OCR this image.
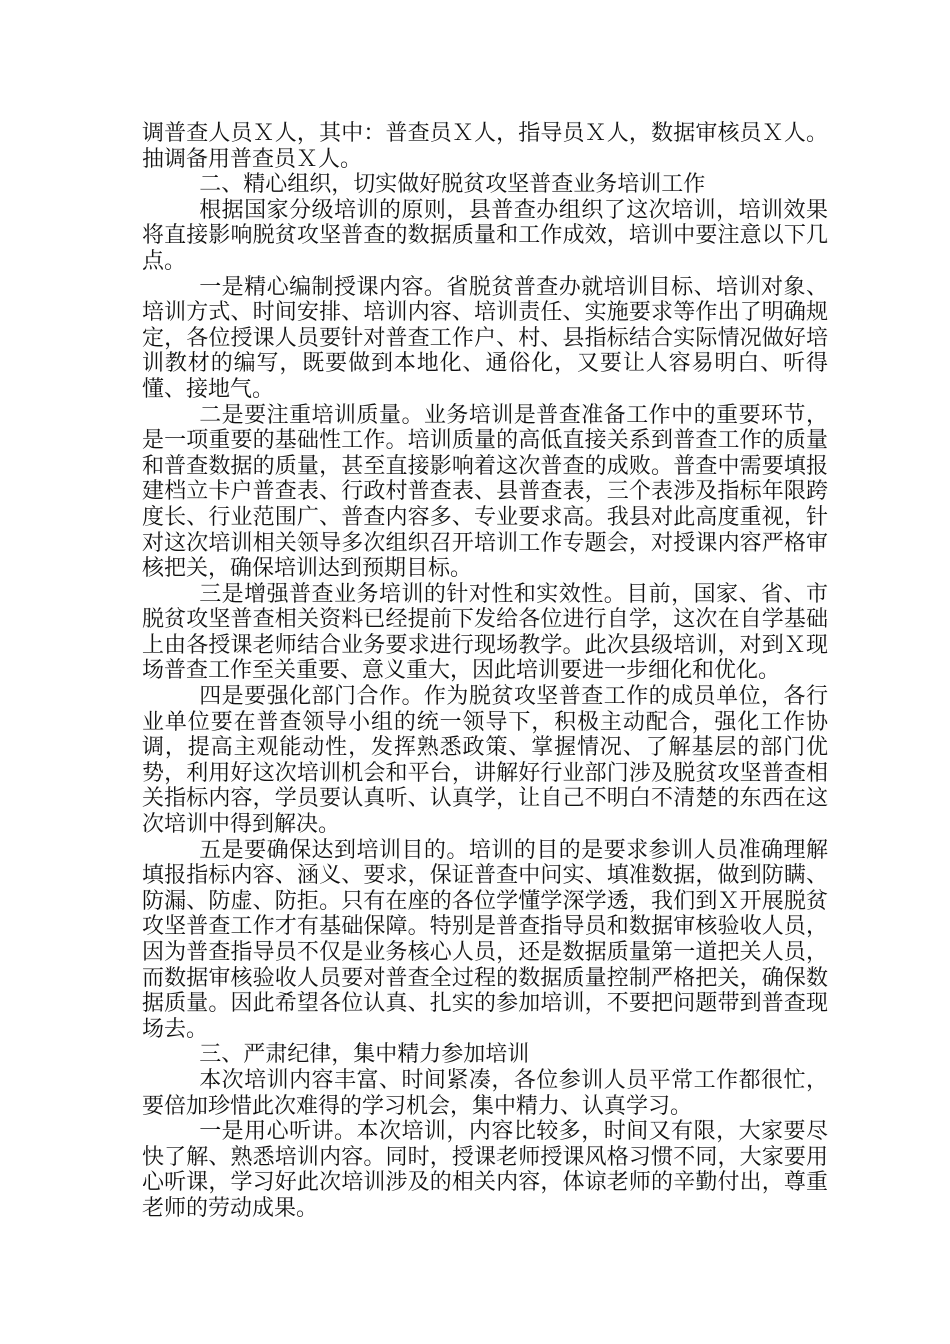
调普查人员Ｘ人，其中：普查员Ｘ人，指导员Ｘ人，数据审核员Ｘ人。抽调备用普查员Ｘ人。

二、精心组织，切实做好脱贫攻坚普查业务培训工作

根据国家分级培训的原则，县普查办组织了这次培训，培训效果将直接影响脱贫攻坚普查的数据质量和工作成效，培训中要注意以下几点。

一是精心编制授课内容。省脱贫普查办就培训目标、培训对象、培训方式、时间安排、培训内容、培训责任、实施要求等作出了明确规定，各位授课人员要针对普查工作户、村、县指标结合实际情况做好培训教材的编写，既要做到本地化、通俗化，又要让人容易明白、听得懂、接地气。

二是要注重培训质量。业务培训是普查准备工作中的重要环节，是一项重要的基础性工作。培训质量的高低直接关系到普查工作的质量和普查数据的质量，甚至直接影响着这次普查的成败。普查中需要填报建档立卡户普查表、行政村普查表、县普查表，三个表涉及指标年限跨度长、行业范围广、普查内容多、专业要求高。我县对此高度重视，针对这次培训相关领导多次组织召开培训工作专题会，对授课内容严格审核把关，确保培训达到预期目标。

三是增强普查业务培训的针对性和实效性。目前，国家、省、市脱贫攻坚普查相关资料已经提前下发给各位进行自学，这次在自学基础上由各授课老师结合业务要求进行现场教学。此次县级培训，对到Ｘ现场普查工作至关重要、意义重大，因此培训要进一步细化和优化。

四是要强化部门合作。作为脱贫攻坚普查工作的成员单位，各行业单位要在普查领导小组的统一领导下，积极主动配合，强化工作协调，提高主观能动性，发挥熟悉政策、掌握情况、了解基层的部门优势，利用好这次培训机会和平台，讲解好行业部门涉及脱贫攻坚普查相关指标内容，学员要认真听、认真学，让自己不明白不清楚的东西在这次培训中得到解决。

五是要确保达到培训目的。培训的目的是要求参训人员准确理解填报指标内容、涵义、要求，保证普查中问实、填准数据，做到防瞒、防漏、防虚、防拒。只有在座的各位学懂学深学透，我们到Ｘ开展脱贫攻坚普查工作才有基础保障。特别是普查指导员和数据审核验收人员，因为普查指导员不仅是业务核心人员，还是数据质量第一道把关人员，而数据审核验收人员要对普查全过程的数据质量控制严格把关，确保数据质量。因此希望各位认真、扎实的参加培训，不要把问题带到普查现场去。

三、严肃纪律，集中精力参加培训

本次培训内容丰富、时间紧凑，各位参训人员平常工作都很忙，要倍加珍惜此次难得的学习机会，集中精力、认真学习。

一是用心听讲。本次培训，内容比较多，时间又有限，大家要尽快了解、熟悉培训内容。同时，授课老师授课风格习惯不同，大家要用心听课，学习好此次培训涉及的相关内容，体谅老师的辛勤付出，尊重老师的劳动成果。
